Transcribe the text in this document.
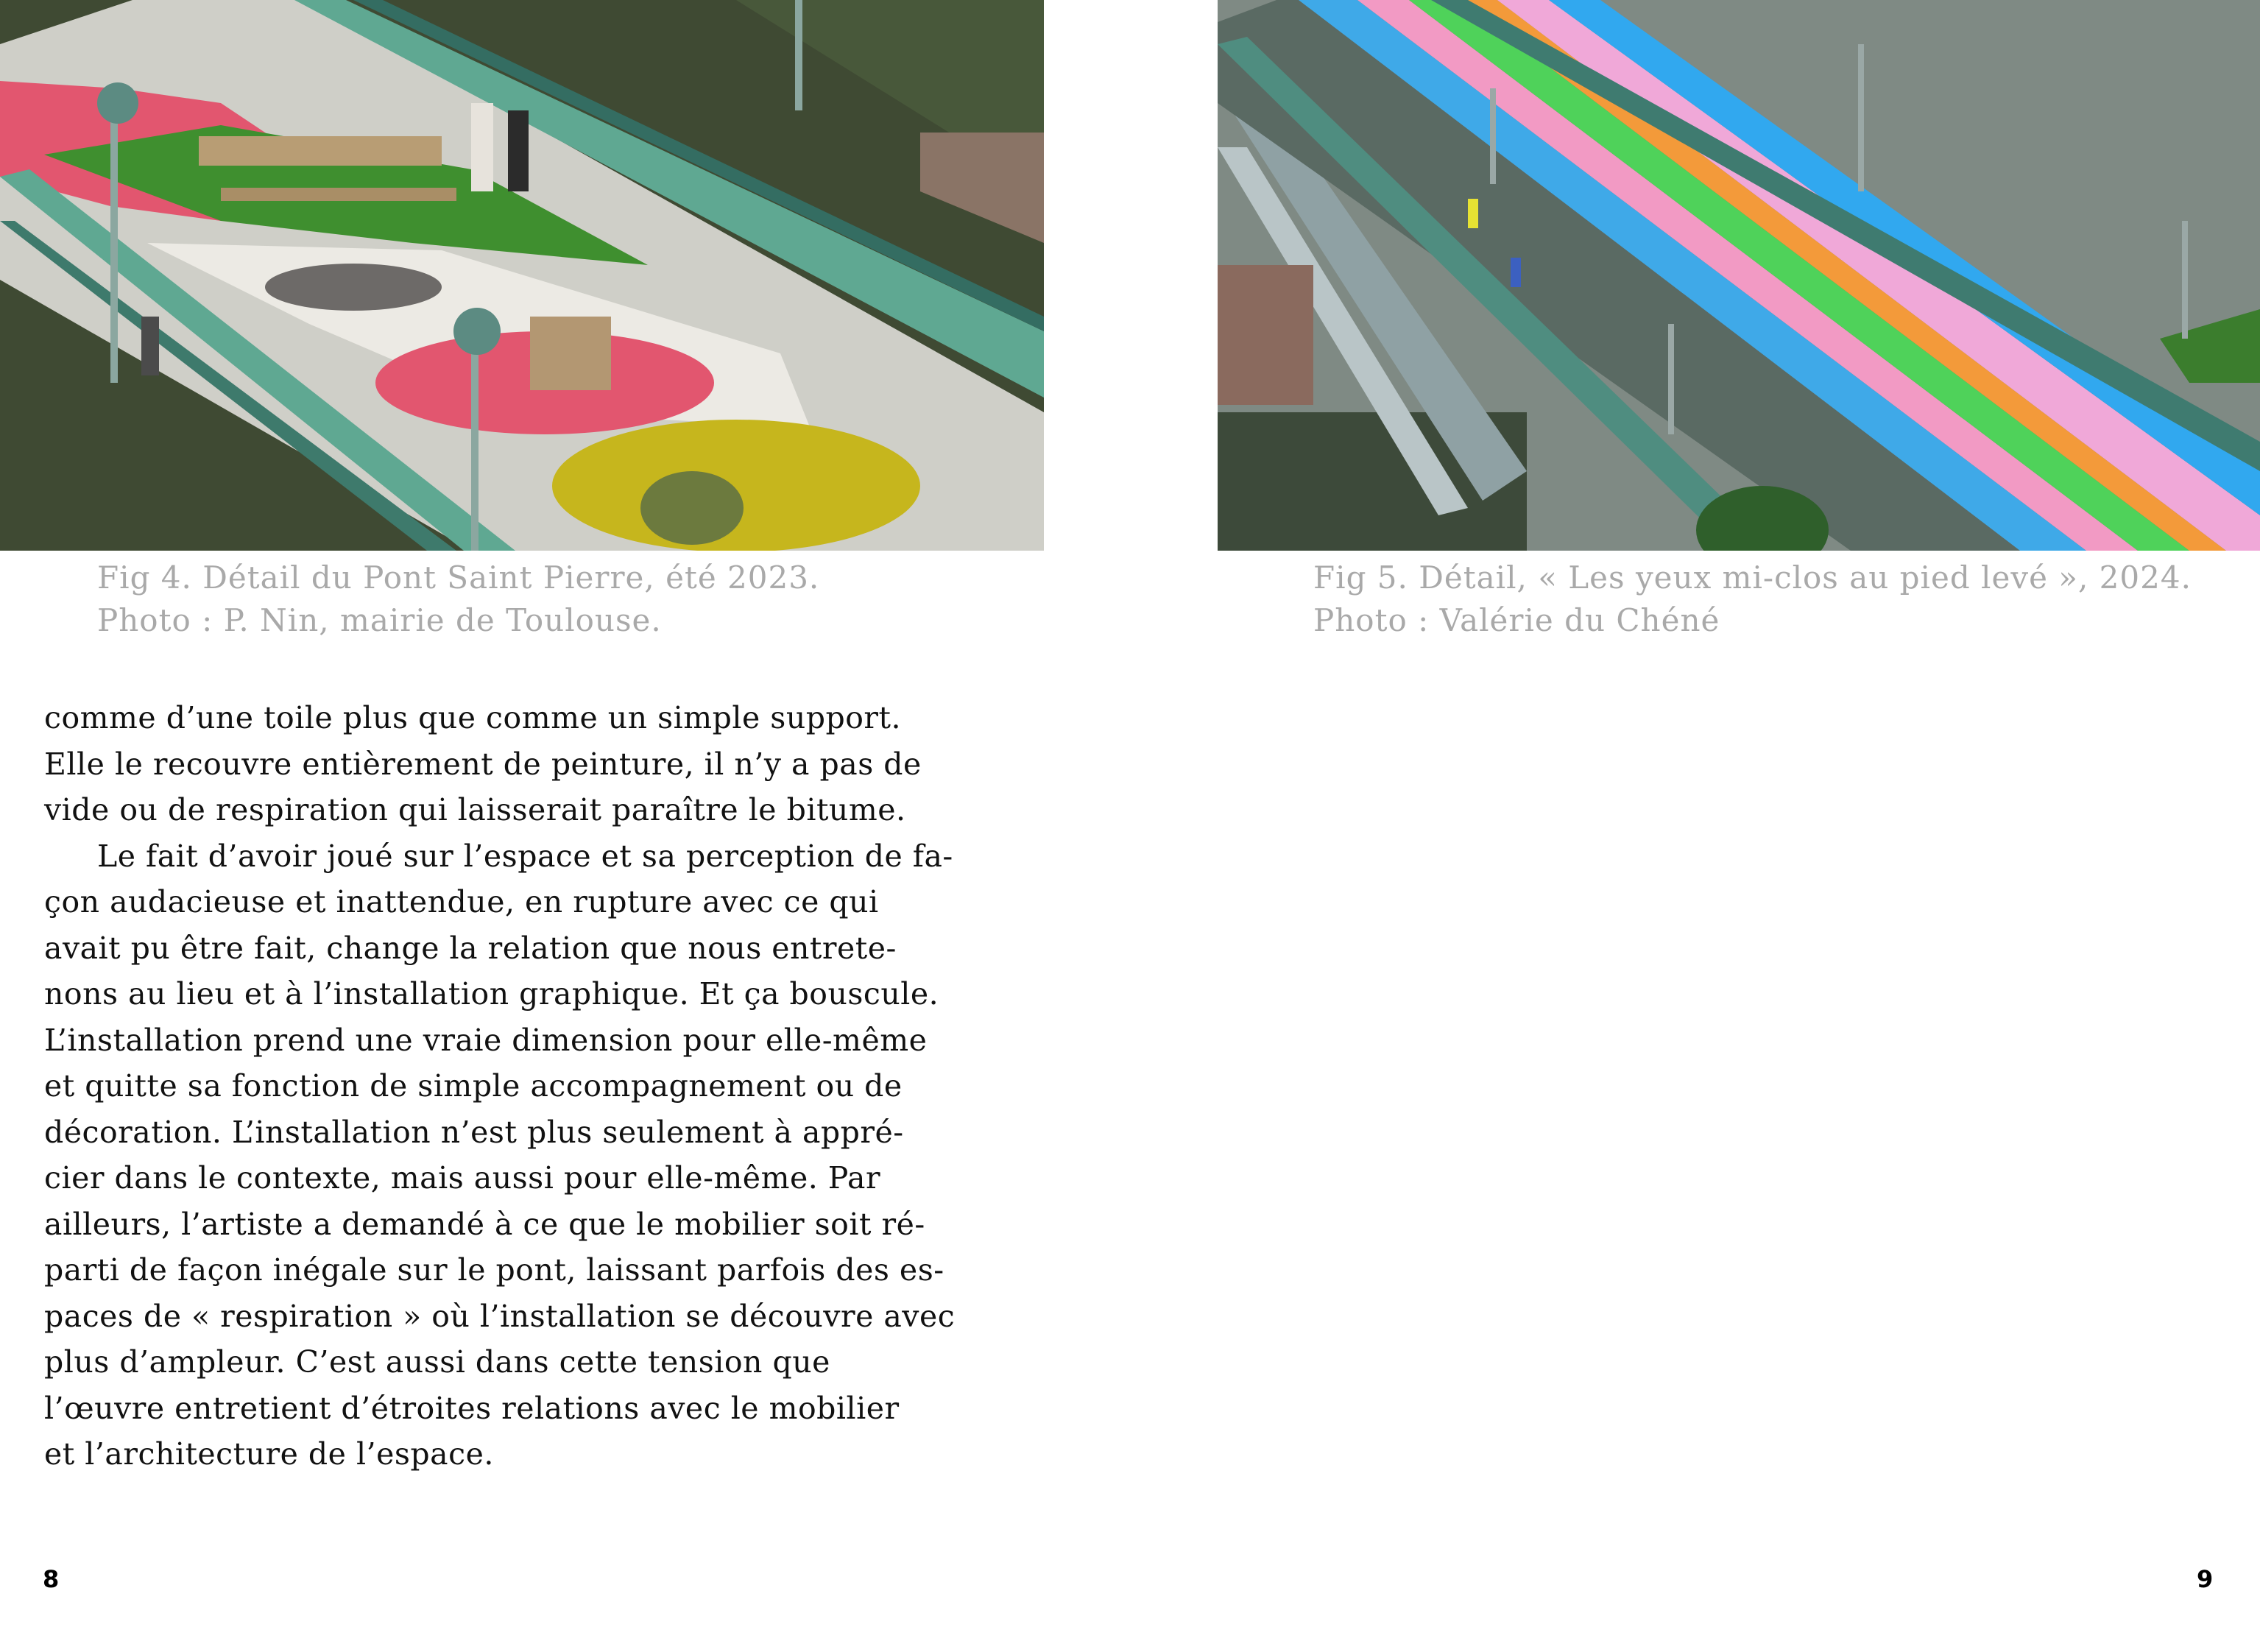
Fig 4. Détail du Pont Saint Pierre, été 2023.
Photo : P. Nin, mairie de Toulouse.
Fig 5. Détail, « Les yeux mi-clos au pied levé », 2024.
Photo : Valérie du Chéné
comme d’une toile plus que comme un simple support.
Elle le recouvre entièrement de peinture, il n’y a pas de
vide ou de respiration qui laisserait paraître le bitume.
Le fait d’avoir joué sur l’espace et sa perception de fa-
çon audacieuse et inattendue, en rupture avec ce qui
avait pu être fait, change la relation que nous entrete-
nons au lieu et à l’installation graphique. Et ça bouscule.
L’installation prend une vraie dimension pour elle-même
et quitte sa fonction de simple accompagnement ou de
décoration. L’installation n’est plus seulement à appré-
cier dans le contexte, mais aussi pour elle-même. Par
ailleurs, l’artiste a demandé à ce que le mobilier soit ré-
parti de façon inégale sur le pont, laissant parfois des es-
paces de « respiration » où l’installation se découvre avec
plus d’ampleur. C’est aussi dans cette tension que
l’œuvre entretient d’étroites relations avec le mobilier
et l’architecture de l’espace.
8	9
